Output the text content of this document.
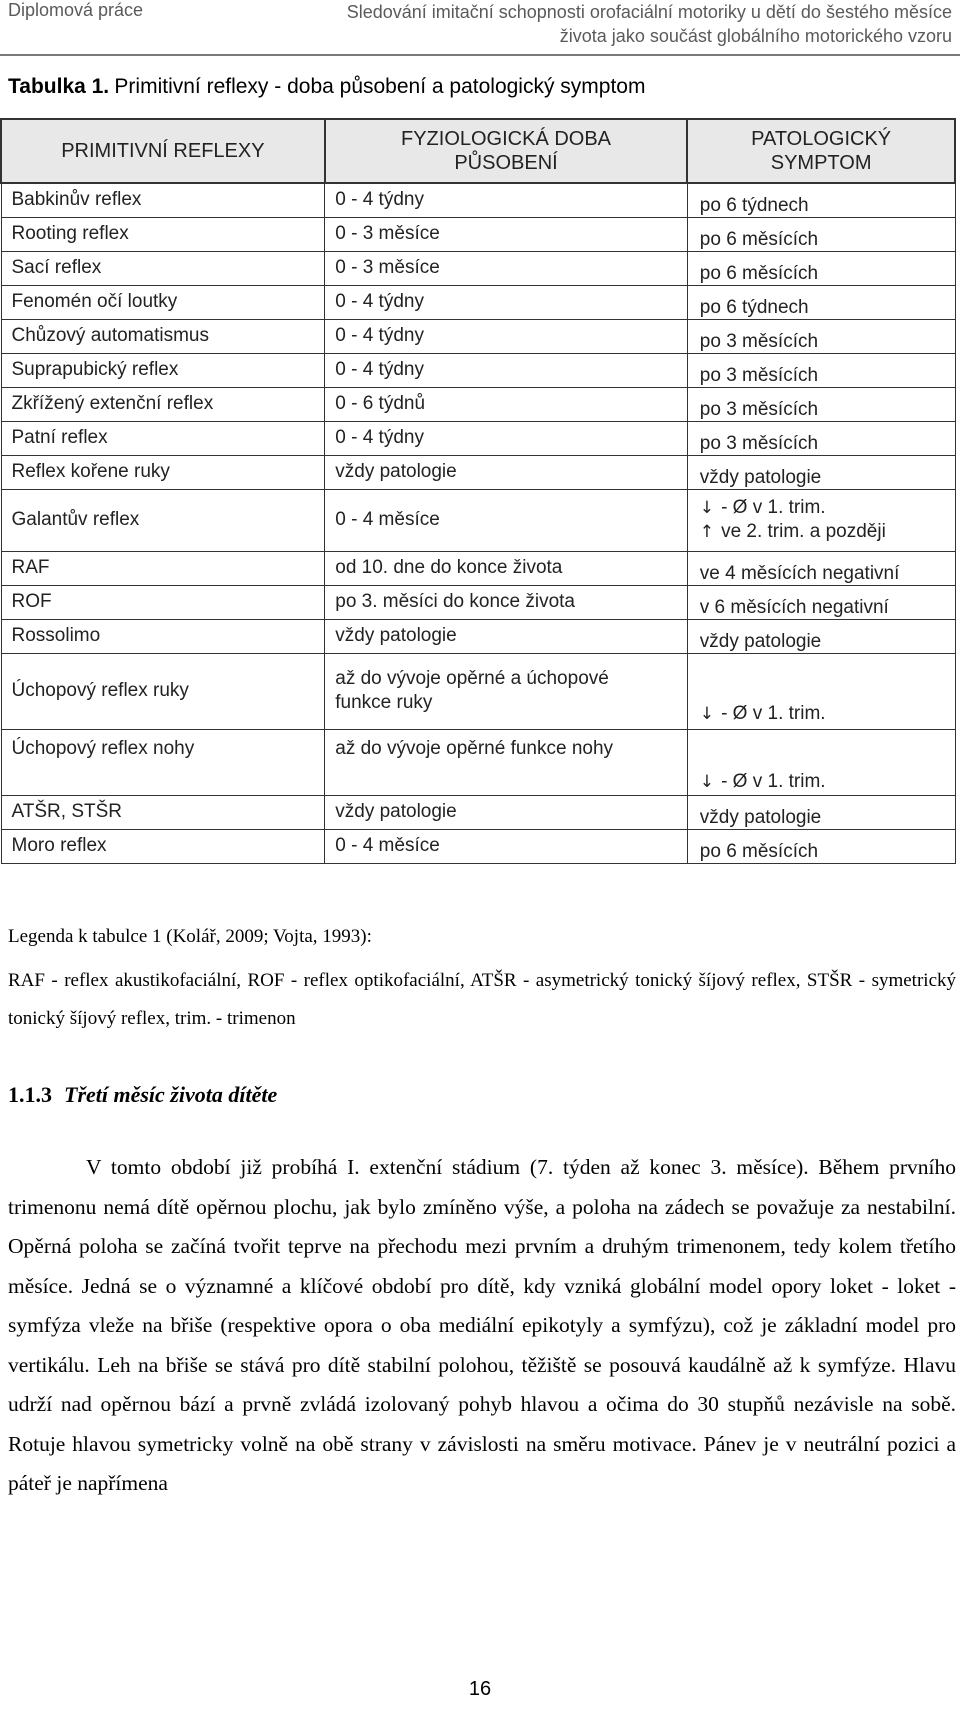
Diplomová práce	Sledování imitační schopnosti orofaciální motoriky u dětí do šestého měsíce života jako součást globálního motorického vzoru
Tabulka 1. Primitivní reflexy - doba působení a patologický symptom
PRIMITIVNÍ REFLEXY	FYZIOLOGICKÁ DOBA PŮSOBENÍ	PATOLOGICKÝ SYMPTOM
Babkinův reflex	0 - 4 týdny	po 6 týdnech
Rooting reflex	0 - 3 měsíce	po 6 měsících
Sací reflex	0 - 3 měsíce	po 6 měsících
Fenomén očí loutky	0 - 4 týdny	po 6 týdnech
Chůzový automatismus	0 - 4 týdny	po 3 měsících
Suprapubický reflex	0 - 4 týdny	po 3 měsících
Zkřížený extenční reflex	0 - 6 týdnů	po 3 měsících
Patní reflex	0 - 4 týdny	po 3 měsících
Reflex kořene ruky	vždy patologie	vždy patologie
Galantův reflex	0 - 4 měsíce	↓ - Ø v 1. trim.
↑ ve 2. trim. a později

RAF	od 10. dne do konce života	ve 4 měsících negativní
ROF	po 3. měsíci do konce života	v 6 měsících negativní
Rossolimo	vždy patologie	vždy patologie
Úchopový reflex ruky	až do vývoje opěrné a úchopové funkce ruky	↓ - Ø v 1. trim.
Úchopový reflex nohy	až do vývoje opěrné funkce nohy	↓ - Ø v 1. trim.
ATŠR, STŠR	vždy patologie	vždy patologie
Moro reflex	0 - 4 měsíce	po 6 měsících
Legenda k tabulce 1 (Kolář, 2009; Vojta, 1993):
RAF - reflex akustikofaciální, ROF - reflex optikofaciální, ATŠR - asymetrický tonický šíjový reflex, STŠR - symetrický tonický šíjový reflex, trim. - trimenon
1.1.3 Třetí měsíc života dítěte
V tomto období již probíhá I. extenční stádium (7. týden až konec 3. měsíce). Během prvního trimenonu nemá dítě opěrnou plochu, jak bylo zmíněno výše, a poloha na zádech se považuje za nestabilní. Opěrná poloha se začíná tvořit teprve na přechodu mezi prvním a druhým trimenonem, tedy kolem třetího měsíce. Jedná se o významné a klíčové období pro dítě, kdy vzniká globální model opory loket - loket - symfýza vleže na břiše (respektive opora o oba mediální epikotyly a symfýzu), což je základní model pro vertikálu. Leh na břiše se stává pro dítě stabilní polohou, těžiště se posouvá kaudálně až k symfýze. Hlavu udrží nad opěrnou bází a prvně zvládá izolovaný pohyb hlavou a očima do 30 stupňů nezávisle na sobě. Rotuje hlavou symetricky volně na obě strany v závislosti na směru motivace. Pánev je v neutrální pozici a páteř je napřímena
16
